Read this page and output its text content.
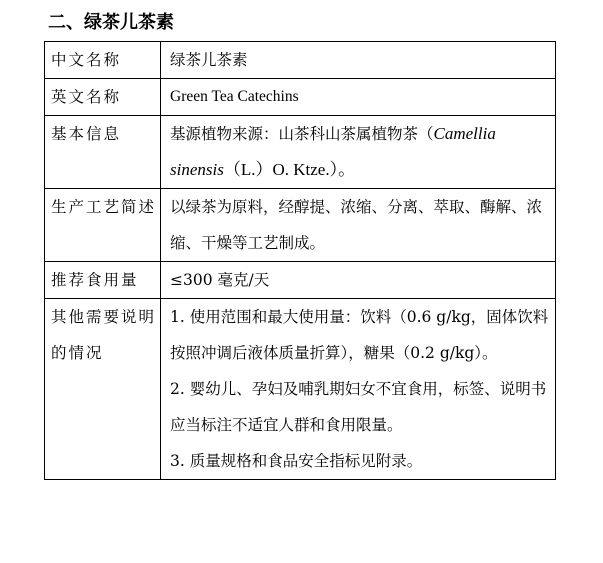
二、绿茶儿茶素
中文名称	绿茶儿茶素
英文名称	Green Tea Catechins
基本信息	基源植物来源：山茶科山茶属植物茶（Camellia sinensis（L.）O. Ktze.）。
生产工艺简述	以绿茶为原料，经醇提、浓缩、分离、萃取、酶解、浓缩、干燥等工艺制成。
推荐食用量	≤300 毫克/天
其他需要说明的情况	1. 使用范围和最大使用量：饮料（0.6 g/kg，固体饮料按照冲调后液体质量折算），糖果（0.2 g/kg）。
2. 婴幼儿、孕妇及哺乳期妇女不宜食用，标签、说明书应当标注不适宜人群和食用限量。
3. 质量规格和食品安全指标见附录。
